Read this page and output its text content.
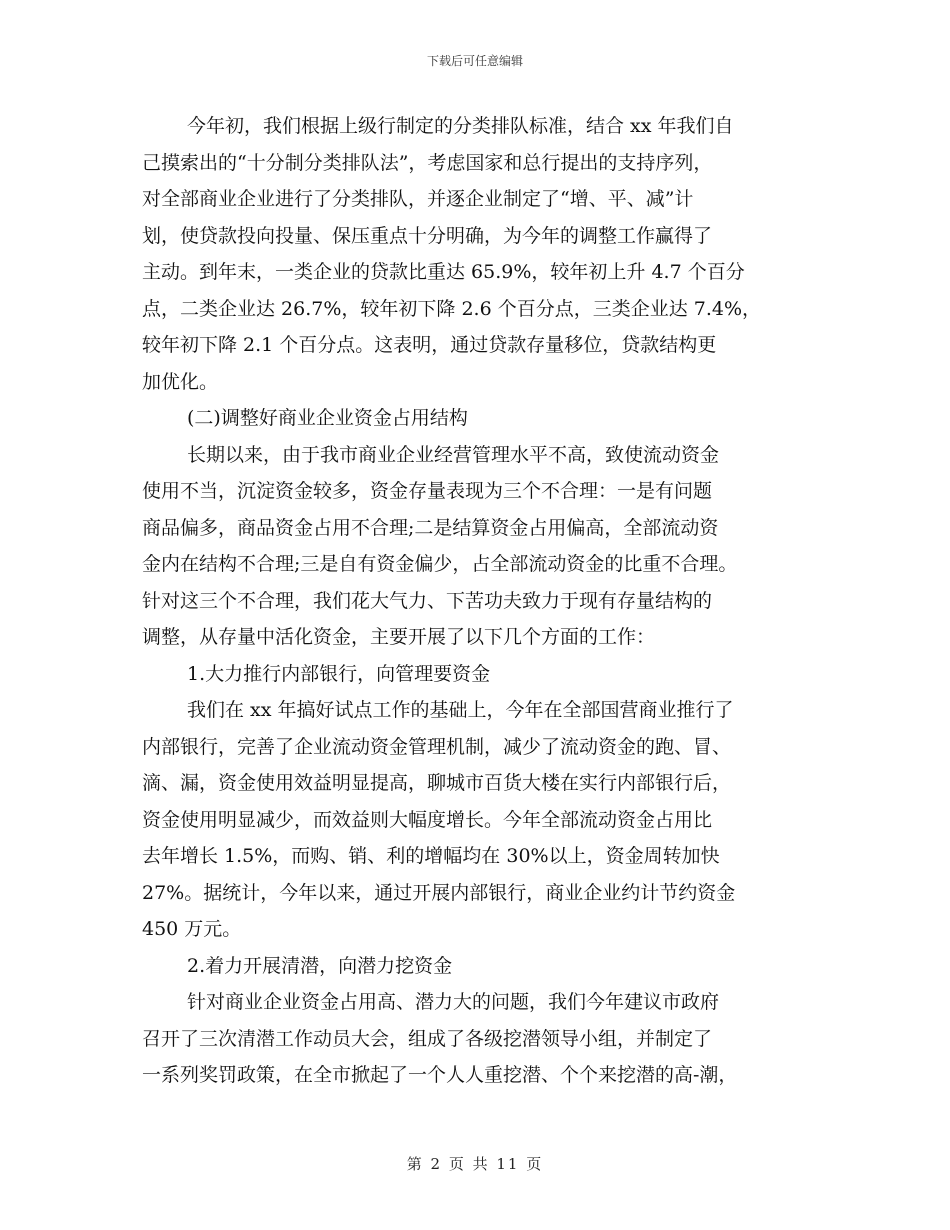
下载后可任意编辑
今年初，我们根据上级行制定的分类排队标准，结合 xx 年我们自
己摸索出的“十分制分类排队法”，考虑国家和总行提出的支持序列，
对全部商业企业进行了分类排队，并逐企业制定了“增、平、减”计
划，使贷款投向投量、保压重点十分明确，为今年的调整工作赢得了
主动。到年末，一类企业的贷款比重达 65.9%，较年初上升 4.7 个百分
点，二类企业达 26.7%，较年初下降 2.6 个百分点，三类企业达 7.4%，
较年初下降 2.1 个百分点。这表明，通过贷款存量移位，贷款结构更
加优化。
(二)调整好商业企业资金占用结构
长期以来，由于我市商业企业经营管理水平不高，致使流动资金
使用不当，沉淀资金较多，资金存量表现为三个不合理：一是有问题
商品偏多，商品资金占用不合理;二是结算资金占用偏高，全部流动资
金内在结构不合理;三是自有资金偏少，占全部流动资金的比重不合理。
针对这三个不合理，我们花大气力、下苦功夫致力于现有存量结构的
调整，从存量中活化资金，主要开展了以下几个方面的工作：
1.大力推行内部银行，向管理要资金
我们在 xx 年搞好试点工作的基础上，今年在全部国营商业推行了
内部银行，完善了企业流动资金管理机制，减少了流动资金的跑、冒、
滴、漏，资金使用效益明显提高，聊城市百货大楼在实行内部银行后，
资金使用明显减少，而效益则大幅度增长。今年全部流动资金占用比
去年增长 1.5%，而购、销、利的增幅均在 30%以上，资金周转加快
27%。据统计，今年以来，通过开展内部银行，商业企业约计节约资金
450 万元。
2.着力开展清潜，向潜力挖资金
针对商业企业资金占用高、潜力大的问题，我们今年建议市政府
召开了三次清潜工作动员大会，组成了各级挖潜领导小组，并制定了
一系列奖罚政策，在全市掀起了一个人人重挖潜、个个来挖潜的高-潮，
第 2 页 共 11 页
